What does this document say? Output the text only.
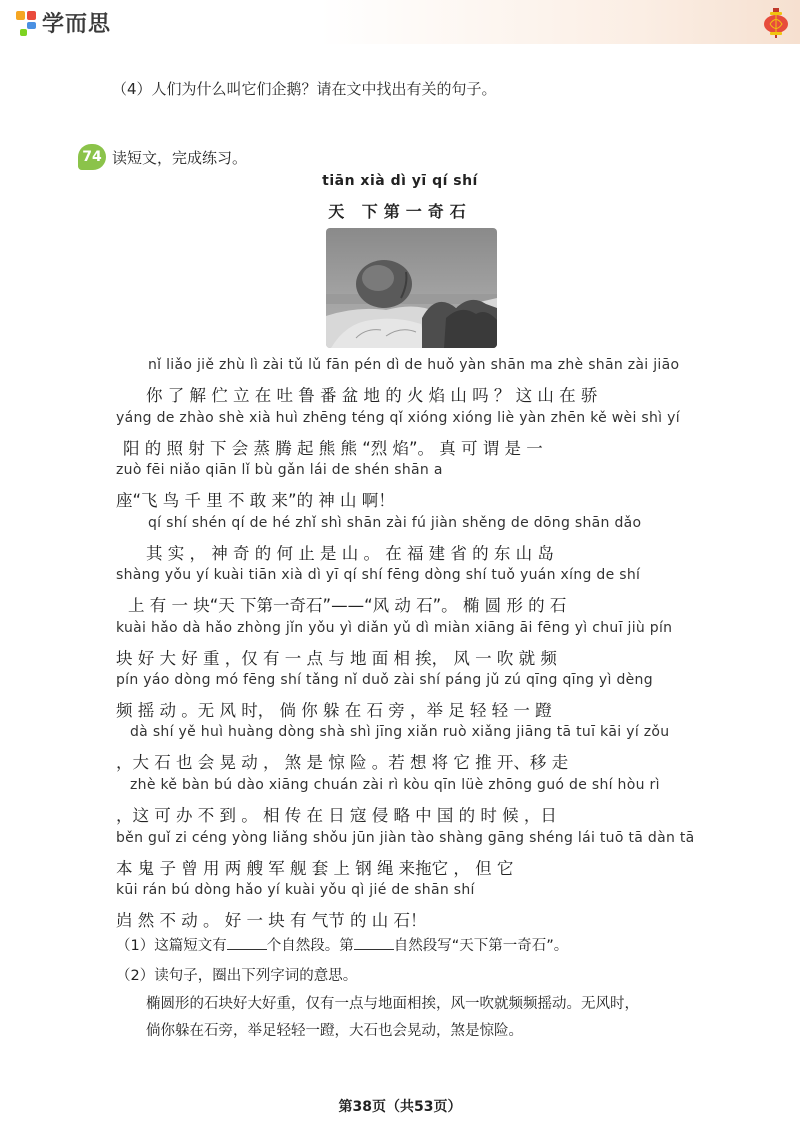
学而思
（4）人们为什么叫它们企鹅？请在文中找出有关的句子。
74 读短文，完成练习。
tiān xià dì yī qí shí
天 下第一奇石
nǐ liǎo jiě zhù lì zài tǔ lǔ fān pén dì de huǒ yàn shān ma zhè shān zài jiāo
你 了 解 伫 立 在 吐 鲁 番 盆 地 的 火 焰 山 吗 ？ 这 山 在 骄
yáng de zhào shè xià huì zhēng téng qǐ xióng xióng liè yàn zhēn kě wèi shì yí
阳 的 照 射 下 会 蒸 腾 起 熊 熊 “烈 焰”。 真 可 谓 是 一
zuò fēi niǎo qiān lǐ bù gǎn lái de shén shān a
座“飞 鸟 千 里 不 敢 来”的 神 山 啊！
qí shí shén qí de hé zhǐ shì shān zài fú jiàn shěng de dōng shān dǎo
其 实 ， 神 奇 的 何 止 是 山 。 在 福 建 省 的 东 山 岛
shàng yǒu yí kuài tiān xià dì yī qí shí fēng dòng shí tuǒ yuán xíng de shí
上 有 一 块“天 下第一奇石”——“风 动 石”。 椭 圆 形 的 石
kuài hǎo dà hǎo zhòng jǐn yǒu yì diǎn yǔ dì miàn xiāng āi fēng yì chuī jiù pín
块 好 大 好 重 ，仅 有 一 点 与 地 面 相 挨， 风 一 吹 就 频
pín yáo dòng mó fēng shí tǎng nǐ duǒ zài shí páng jǔ zú qīng qīng yì dèng
频 摇 动 。无 风 时， 倘 你 躲 在 石 旁 ，举 足 轻 轻 一 蹬
dà shí yě huì huàng dòng shà shì jīng xiǎn ruò xiǎng jiāng tā tuī kāi yí zǒu
，大 石 也 会 晃 动 ， 煞 是 惊 险 。若 想 将 它 推 开、移 走
zhè kě bàn bú dào xiāng chuán zài rì kòu qīn lüè zhōng guó de shí hòu rì
，这 可 办 不 到 。 相 传 在 日 寇 侵 略 中 国 的 时 候 ，日
běn guǐ zi céng yòng liǎng shǒu jūn jiàn tào shàng gāng shéng lái tuō tā dàn tā
本 鬼 子 曾 用 两 艘 军 舰 套 上 钢 绳 来拖它 ， 但 它
kūi rán bú dòng hǎo yí kuài yǒu qì jié de shān shí
岿 然 不 动 。 好 一 块 有 气节 的 山 石！
（1）这篇短文有	个自然段。第	自然段写“天下第一奇石”。
（2）读句子，圈出下列字词的意思。
椭圆形的石块好大好重，仅有一点与地面相挨，风一吹就频频摇动。无风时，
倘你躲在石旁，举足轻轻一蹬，大石也会晃动，煞是惊险。
第38页（共53页）
